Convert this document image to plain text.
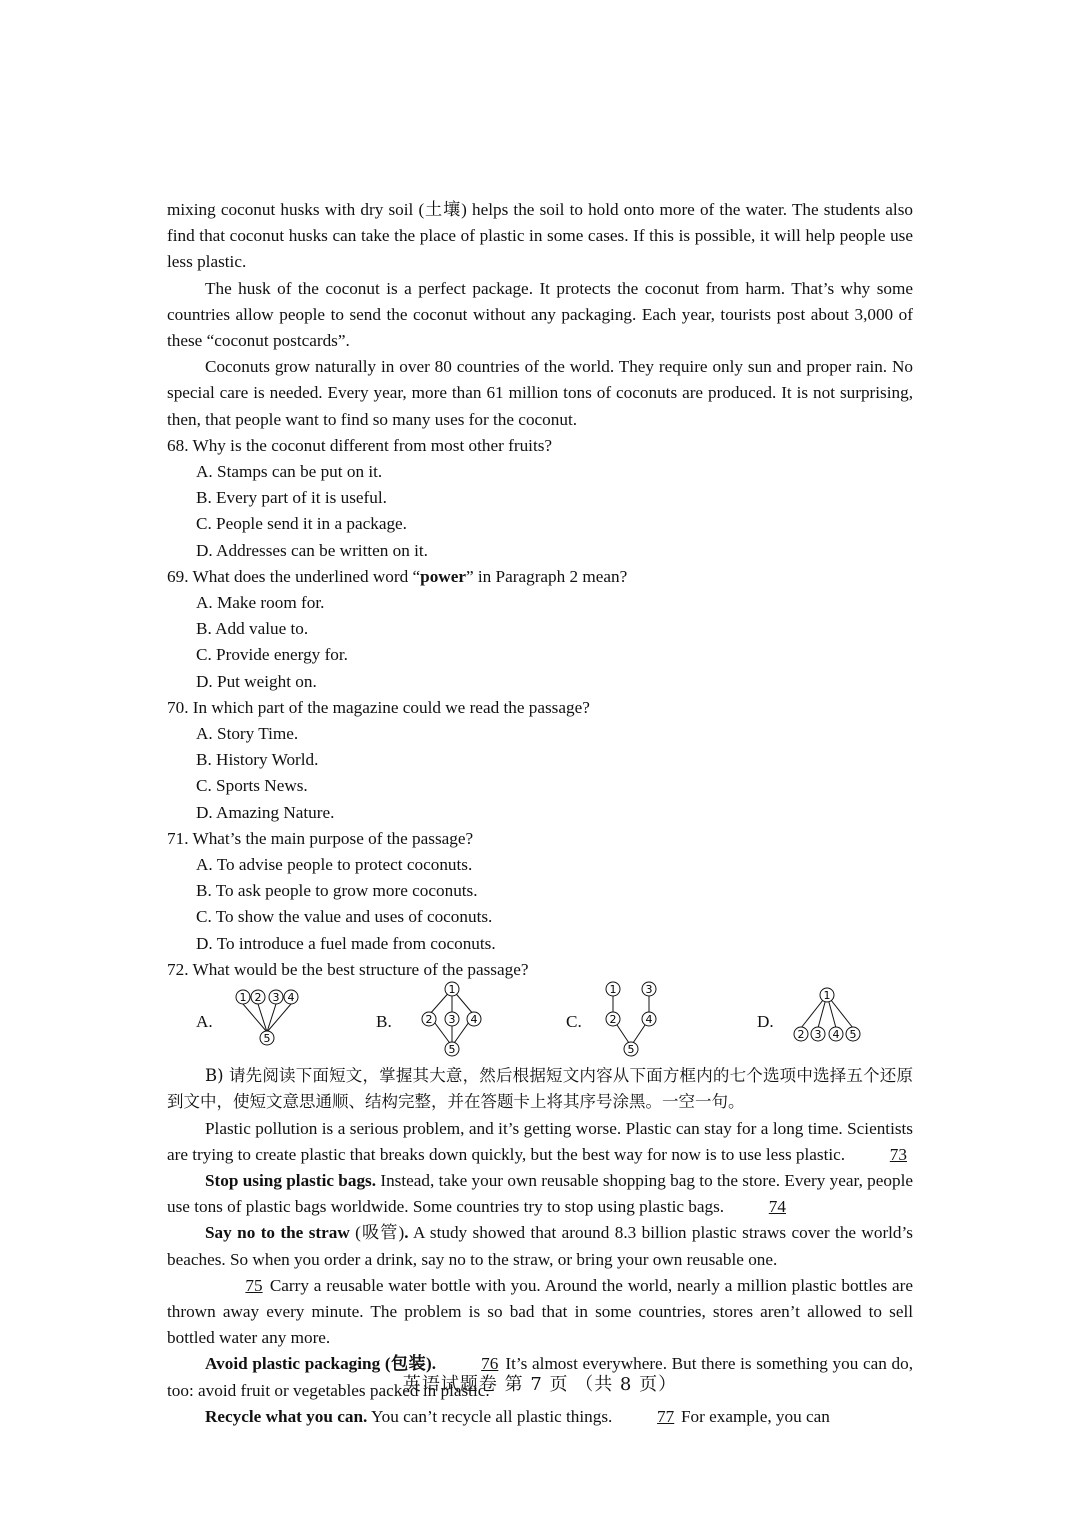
mixing coconut husks with dry soil (土壤) helps the soil to hold onto more of the water. The students also find that coconut husks can take the place of plastic in some cases. If this is possible, it will help people use less plastic.

The husk of the coconut is a perfect package. It protects the coconut from harm. That’s why some countries allow people to send the coconut without any packaging. Each year, tourists post about 3,000 of these “coconut postcards”.

Coconuts grow naturally in over 80 countries of the world. They require only sun and proper rain. No special care is needed. Every year, more than 61 million tons of coconuts are produced. It is not surprising, then, that people want to find so many uses for the coconut.

68. Why is the coconut different from most other fruits?
A. Stamps can be put on it.
B. Every part of it is useful.
C. People send it in a package.
D. Addresses can be written on it.
69. What does the underlined word “power” in Paragraph 2 mean?
A. Make room for.
B. Add value to.
C. Provide energy for.
D. Put weight on.
70. In which part of the magazine could we read the passage?
A. Story Time.
B. History World.
C. Sports News.
D. Amazing Nature.
71. What’s the main purpose of the passage?
A. To advise people to protect coconuts.
B. To ask people to grow more coconuts.
C. To show the value and uses of coconuts.
D. To introduce a fuel made from coconuts.
72. What would be the best structure of the passage?
A.
1 2 3 4
5
B.
1
2 3 4
5
C.
1	3
2	4
5
D.
1
2 3 4 5

B) 请先阅读下面短文，掌握其大意，然后根据短文内容从下面方框内的七个选项中选择五个还原到文中，使短文意思通顺、结构完整，并在答题卡上将其序号涂黑。一空一句。

Plastic pollution is a serious problem, and it’s getting worse. Plastic can stay for a long time. Scientists are trying to create plastic that breaks down quickly, but the best way for now is to use less plastic.	73

Stop using plastic bags. Instead, take your own reusable shopping bag to the store. Every year, people use tons of plastic bags worldwide. Some countries try to stop using plastic bags.	74

Say no to the straw (吸管). A study showed that around 8.3 billion plastic straws cover the world’s beaches. So when you order a drink, say no to the straw, or bring your own reusable one.

75 Carry a reusable water bottle with you. Around the world, nearly a million plastic bottles are thrown away every minute. The problem is so bad that in some countries, stores aren’t allowed to sell bottled water any more.

Avoid plastic packaging (包装).	76 It’s almost everywhere. But there is something you can do, too: avoid fruit or vegetables packed in plastic.

Recycle what you can. You can’t recycle all plastic things.	77 For example, you can

英语试题卷 第 7 页 （共 8 页）
